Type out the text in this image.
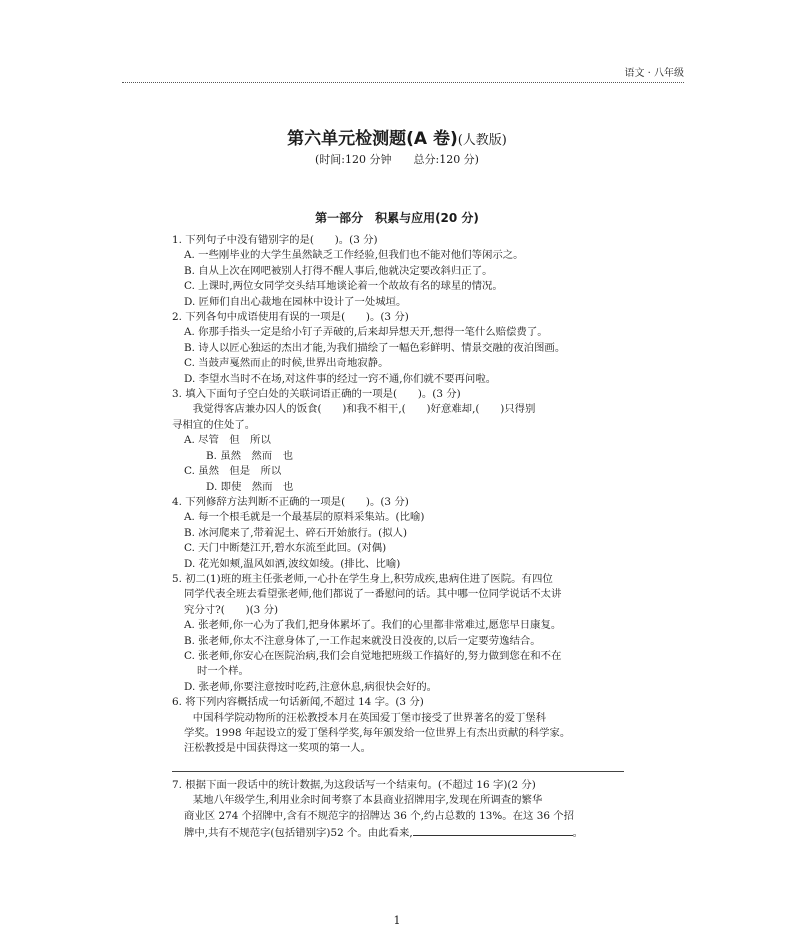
语文 · 八年级
第六单元检测题(A 卷)(人教版)
(时间:120 分钟　　总分:120 分)
第一部分　积累与应用(20 分)
1. 下列句子中没有错别字的是(　　)。(3 分)
A. 一些刚毕业的大学生虽然缺乏工作经验,但我们也不能对他们等闲示之。
B. 自从上次在网吧被别人打得不醒人事后,他就决定要改斜归正了。
C. 上课时,两位女同学交头结耳地谈论着一个故故有名的球星的情况。
D. 匠师们自出心裁地在园林中设计了一处城垣。
2. 下列各句中成语使用有误的一项是(　　)。(3 分)
A. 你那手指头一定是给小钉子弄破的,后来却异想天开,想得一笔什么赔偿费了。
B. 诗人以匠心独运的杰出才能,为我们描绘了一幅色彩鲜明、情景交融的夜泊图画。
C. 当鼓声戛然而止的时候,世界出奇地寂静。
D. 李望水当时不在场,对这件事的经过一窍不通,你们就不要再问啦。
3. 填入下面句子空白处的关联词语正确的一项是(　　)。(3 分)
我觉得客店兼办囚人的饭食(　　)和我不相干,(　　)好意难却,(　　)只得别
寻相宜的住处了。
A. 尽管　但　所以
B. 虽然　然而　也
C. 虽然　但是　所以
D. 即使　然而　也
4. 下列修辞方法判断不正确的一项是(　　)。(3 分)
A. 每一个根毛就是一个最基层的原料采集站。(比喻)
B. 冰河爬来了,带着泥土、碎石开始旅行。(拟人)
C. 天门中断楚江开,碧水东流至此回。(对偶)
D. 花光如颊,温风如酒,波纹如绫。(排比、比喻)
5. 初二(1)班的班主任张老师,一心扑在学生身上,积劳成疾,患病住进了医院。有四位
同学代表全班去看望张老师,他们都说了一番慰问的话。其中哪一位同学说话不太讲
究分寸?(　　)(3 分)
A. 张老师,你一心为了我们,把身体累坏了。我们的心里都非常难过,愿您早日康复。
B. 张老师,你太不注意身体了,一工作起来就没日没夜的,以后一定要劳逸结合。
C. 张老师,你安心在医院治病,我们会自觉地把班级工作搞好的,努力做到您在和不在
时一个样。
D. 张老师,你要注意按时吃药,注意休息,病很快会好的。
6. 将下列内容概括成一句话新闻,不超过 14 字。(3 分)
中国科学院动物所的汪松教授本月在英国爱丁堡市接受了世界著名的爱丁堡科
学奖。1998 年起设立的爱丁堡科学奖,每年颁发给一位世界上有杰出贡献的科学家。
汪松教授是中国获得这一奖项的第一人。
7. 根据下面一段话中的统计数据,为这段话写一个结束句。(不超过 16 字)(2 分)
某地八年级学生,利用业余时间考察了本县商业招牌用字,发现在所调查的繁华
商业区 274 个招牌中,含有不规范字的招牌达 36 个,约占总数的 13%。在这 36 个招
牌中,共有不规范字(包括错别字)52 个。由此看来,	。
1
